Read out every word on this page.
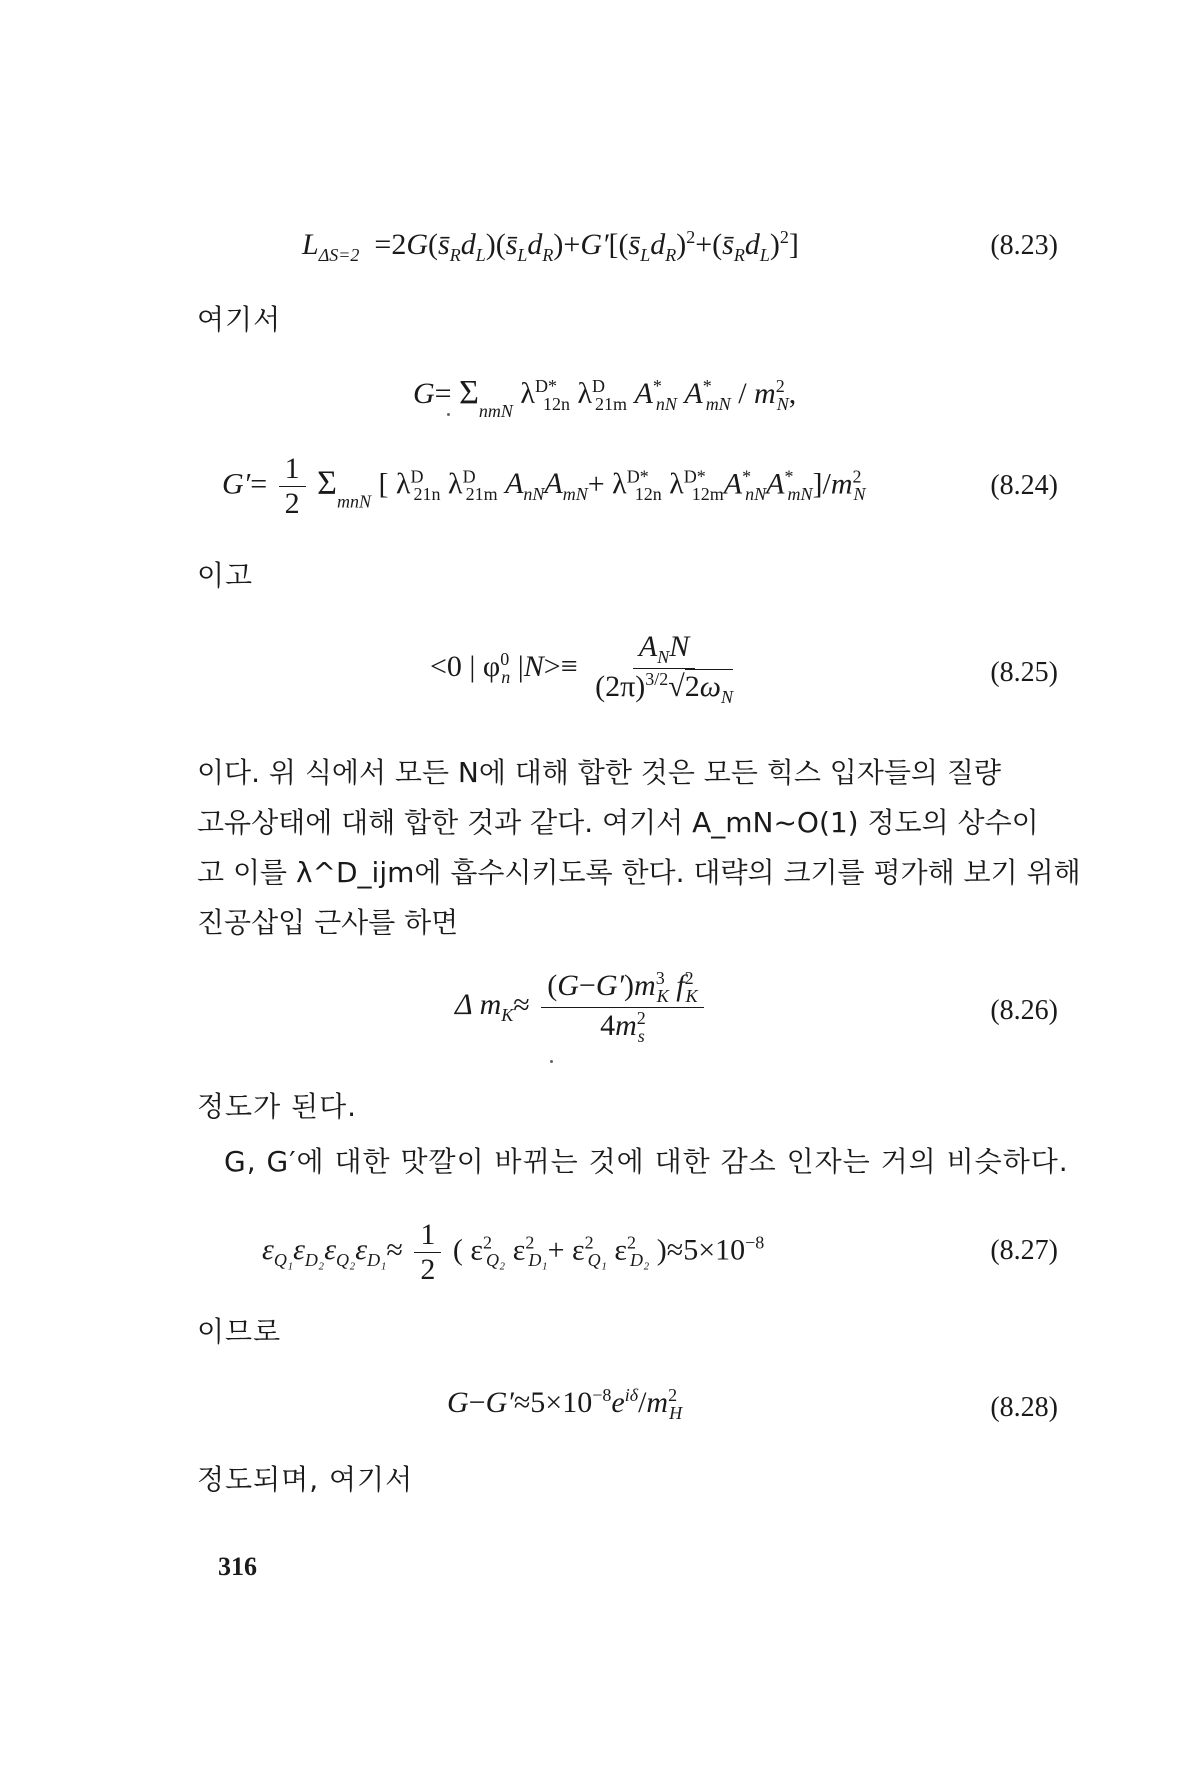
$L_{\Delta S=2}$  $=2G(s̄_Rd_L)(s̄_Ld_R)+G'[(s̄_Ld_R)^2+(s̄_Rd_L)^2]$	(8.23)
여기서
$G= \Sigma_{nmN}$ $\lambda^{D*}_{12n}$ $\lambda^D_{21m}$ $A^*_{nN}$ $A^*_{mN} / m^2_N$,
$G'= \frac{1}{2} \Sigma_{mnN}$ [ $\lambda^D_{21n}$ $\lambda^D_{21m}$ $A_{nN}A_{mN}+ \lambda^{D*}_{12n}$ $\lambda^{D*}_{12m}A^*_{nN}A^*_{mN}]/m^2_N$	(8.24)
이고
<0 | $\varphi^0_n$ $|N>\equiv \frac{A_NN}{(2\pi)^{3/2}√2\omega_N}$	(8.25)
이다. 위 식에서 모든 N에 대해 합한 것은 모든 힉스 입자들의 질량
고유상태에 대해 합한 것과 같다. 여기서 A_mN~O(1) 정도의 상수이
고 이를 λ^D_ijm에 흡수시키도록 한다. 대략의 크기를 평가해 보기 위해
진공삽입 근사를 하면
Δ $m_K\approx \frac{(G-G')m^3_K f^2_K}{4m^2_s}$	(8.26)
정도가 된다.
G, G′에 대한 맛깔이 바뀌는 것에 대한 감소 인자는 거의 비슷하다.
$\varepsilon_{Q_1}\varepsilon_{D_2}\varepsilon_{Q_2}\varepsilon_{D_1}\approx \frac{1}{2}$ ( $\varepsilon^2_{Q_2}$ $\varepsilon^2_{D_1}+ \varepsilon^2_{Q_1}$ $\varepsilon^2_{D_2}$ )$\approx 5\times 10^{-8}$	(8.27)
이므로
$G-G'\approx 5\times 10^{-8}e^{i\delta}/m^2_H$	(8.28)
정도되며, 여기서
316
